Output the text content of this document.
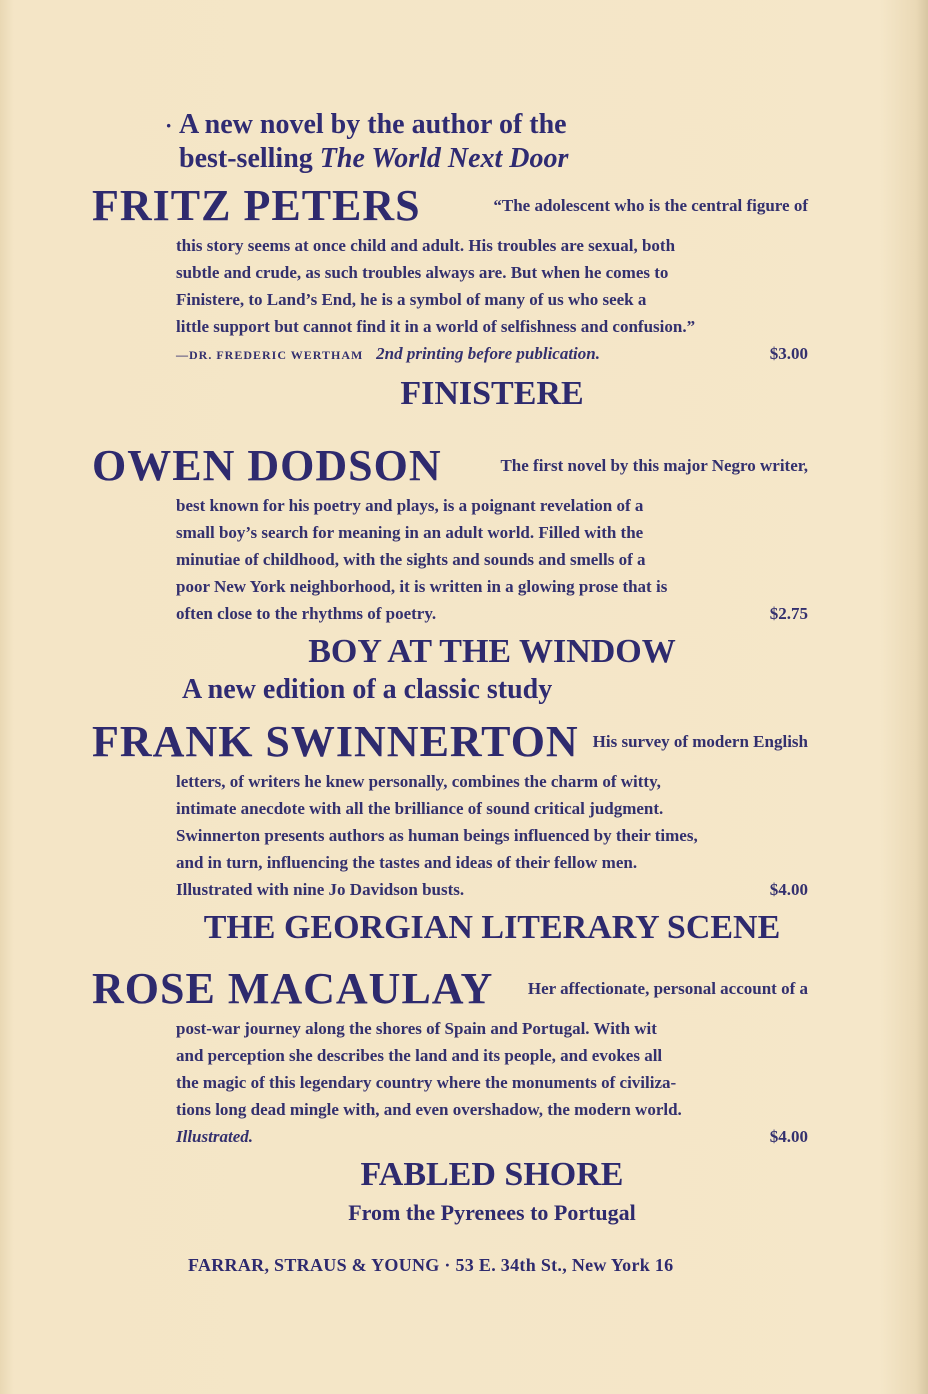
· A new novel by the author of the
best-selling The World Next Door
FRITZ PETERS	“The adolescent who is the central figure of
this story seems at once child and adult. His troubles are sexual, both
subtle and crude, as such troubles always are. But when he comes to
Finistere, to Land’s End, he is a symbol of many of us who seek a
little support but cannot find it in a world of selfishness and confusion.”
—DR. FREDERIC WERTHAM 2nd printing before publication.	$3.00
FINISTERE
OWEN DODSON	The first novel by this major Negro writer,
best known for his poetry and plays, is a poignant revelation of a
small boy’s search for meaning in an adult world. Filled with the
minutiae of childhood, with the sights and sounds and smells of a
poor New York neighborhood, it is written in a glowing prose that is
often close to the rhythms of poetry.	$2.75
BOY AT THE WINDOW
A new edition of a classic study
FRANK SWINNERTON His survey of modern English
letters, of writers he knew personally, combines the charm of witty,
intimate anecdote with all the brilliance of sound critical judgment.
Swinnerton presents authors as human beings influenced by their times,
and in turn, influencing the tastes and ideas of their fellow men.
Illustrated with nine Jo Davidson busts.	$4.00
THE GEORGIAN LITERARY SCENE
ROSE MACAULAY Her affectionate, personal account of a
post-war journey along the shores of Spain and Portugal. With wit
and perception she describes the land and its people, and evokes all
the magic of this legendary country where the monuments of civiliza-
tions long dead mingle with, and even overshadow, the modern world.
Illustrated.	$4.00
FABLED SHORE
From the Pyrenees to Portugal
FARRAR, STRAUS & YOUNG · 53 E. 34th St., New York 16
